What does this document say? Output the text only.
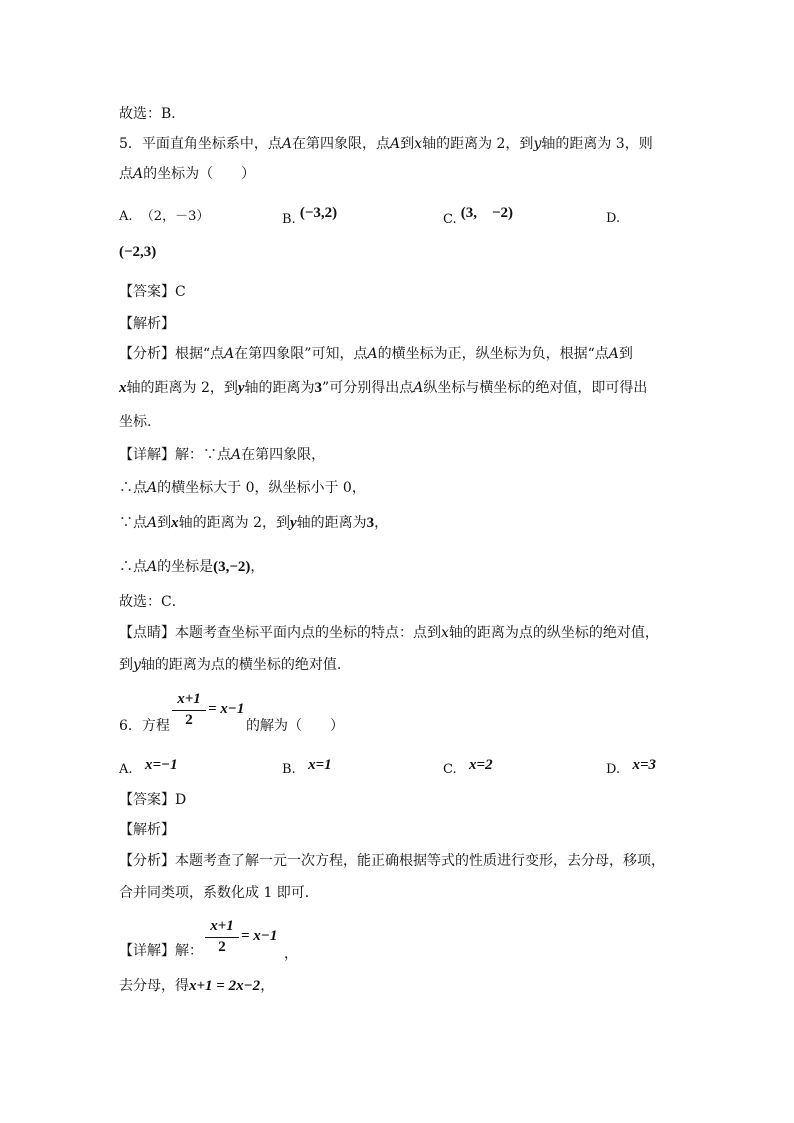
故选：B．
5．平面直角坐标系中，点A在第四象限，点A到x轴的距离为 2，到y轴的距离为 3，则
点A的坐标为（　　）
A. （2，－3）	B. (−3,2)	C. (3,　−2)	D.
(−2,3)
【答案】C
【解析】
【分析】根据“点A在第四象限”可知，点A的横坐标为正，纵坐标为负，根据“点A到
x轴的距离为 2，到y轴的距离为3”可分别得出点A纵坐标与横坐标的绝对值，即可得出
坐标.
【详解】解：∵点A在第四象限，
∴点A的横坐标大于 0，纵坐标小于 0，
∵点A到x轴的距离为 2，到y轴的距离为3，
∴点A的坐标是(3,−2)，
故选：C．
【点睛】本题考查坐标平面内点的坐标的特点：点到x轴的距离为点的纵坐标的绝对值，
到y轴的距离为点的横坐标的绝对值.
6．方程
x+1
2
= x−1
的解为（　　）
A. x=−1	B. x=1	C. x=2	D. x=3
【答案】D
【解析】
【分析】本题考查了解一元一次方程，能正确根据等式的性质进行变形，去分母，移项，
合并同类项，系数化成 1 即可．
【详解】解：
x+1
2
= x−1
，
去分母，得x+1 = 2x−2，
